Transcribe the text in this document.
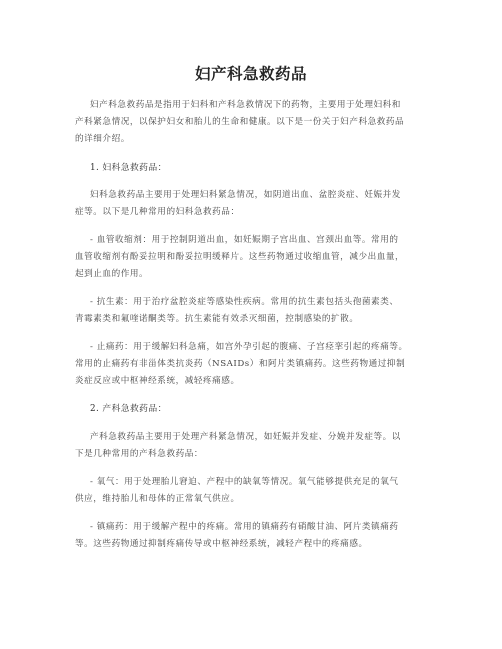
妇产科急救药品
妇产科急救药品是指用于妇科和产科急救情况下的药物，主要用于处理妇科和
产科紧急情况，以保护妇女和胎儿的生命和健康。以下是一份关于妇产科急救药品
的详细介绍。
1. 妇科急救药品：
妇科急救药品主要用于处理妇科紧急情况，如阴道出血、盆腔炎症、妊娠并发
症等。以下是几种常用的妇科急救药品：
- 血管收缩剂：用于控制阴道出血，如妊娠期子宫出血、宫颈出血等。常用的
血管收缩剂有酚妥拉明和酚妥拉明缓释片。这些药物通过收缩血管，减少出血量，
起到止血的作用。
- 抗生素：用于治疗盆腔炎症等感染性疾病。常用的抗生素包括头孢菌素类、
青霉素类和氟喹诺酮类等。抗生素能有效杀灭细菌，控制感染的扩散。
- 止痛药：用于缓解妇科急痛，如宫外孕引起的腹痛、子宫痉挛引起的疼痛等。
常用的止痛药有非甾体类抗炎药（NSAIDs）和阿片类镇痛药。这些药物通过抑制
炎症反应或中枢神经系统，减轻疼痛感。
2. 产科急救药品：
产科急救药品主要用于处理产科紧急情况，如妊娠并发症、分娩并发症等。以
下是几种常用的产科急救药品：
- 氧气：用于处理胎儿窘迫、产程中的缺氧等情况。氧气能够提供充足的氧气
供应，维持胎儿和母体的正常氧气供应。
- 镇痛药：用于缓解产程中的疼痛。常用的镇痛药有硝酸甘油、阿片类镇痛药
等。这些药物通过抑制疼痛传导或中枢神经系统，减轻产程中的疼痛感。
